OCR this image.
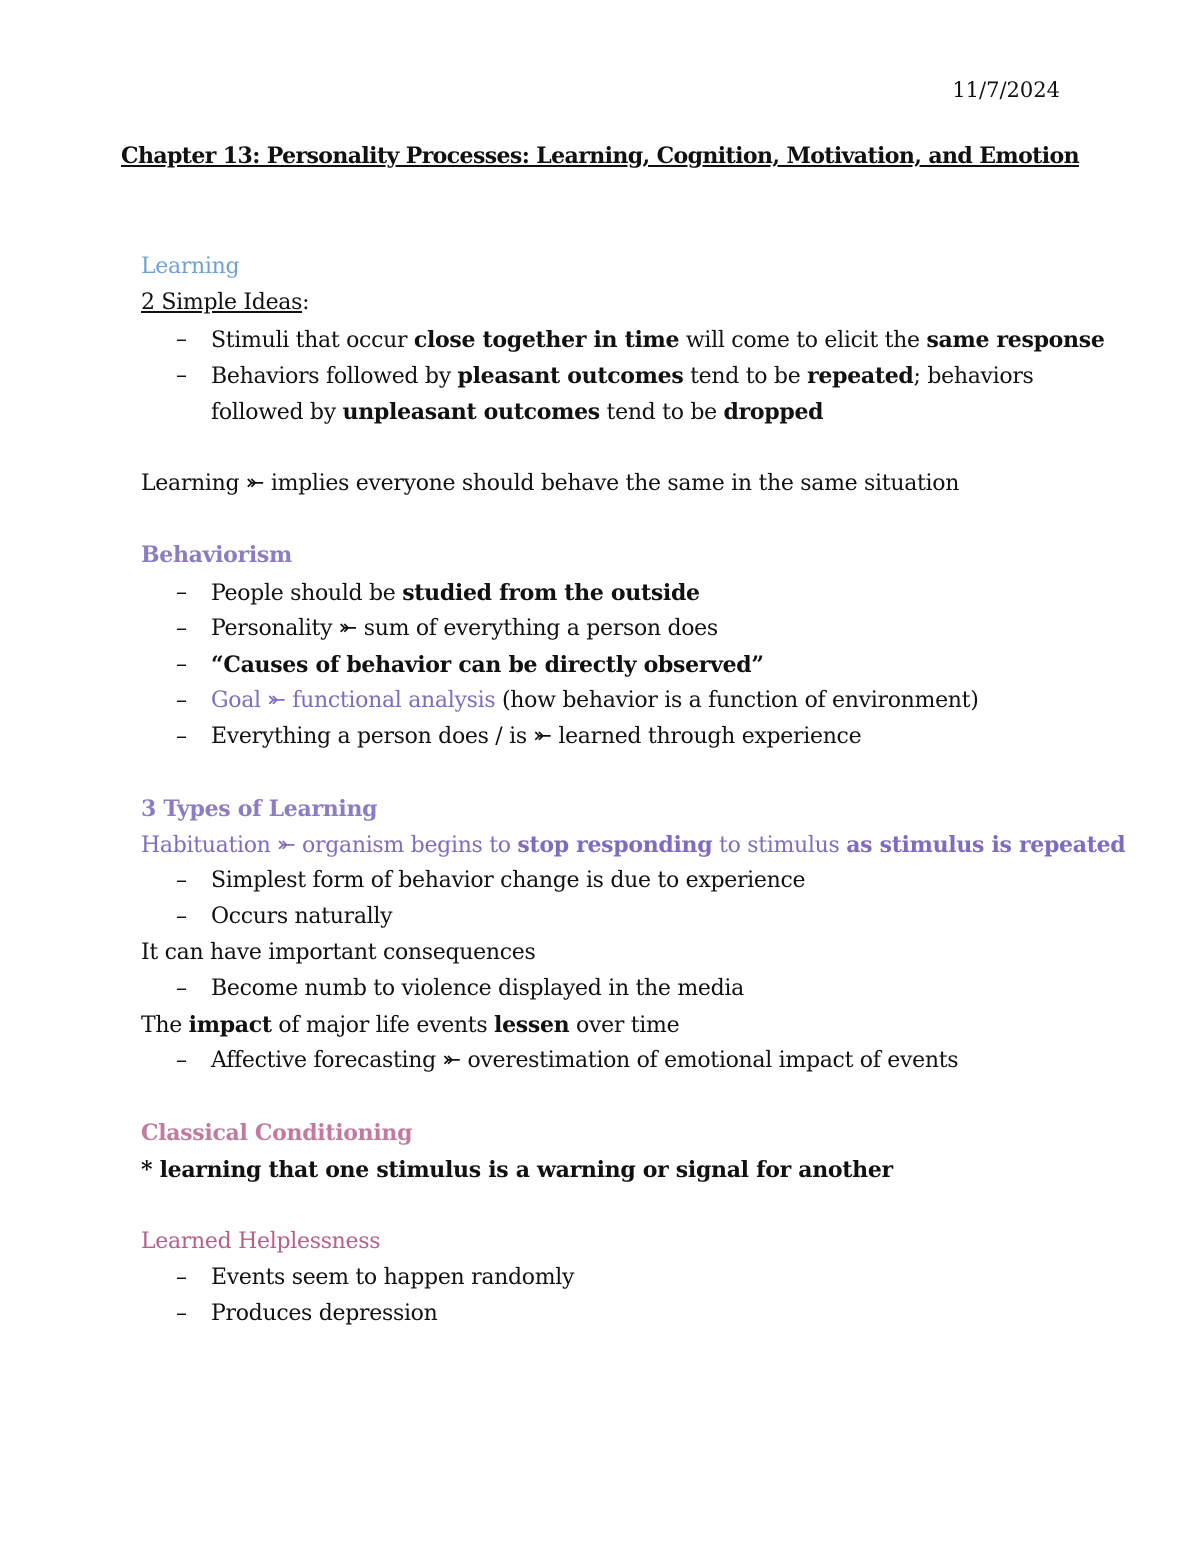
11/7/2024
Chapter 13: Personality Processes: Learning, Cognition, Motivation, and Emotion
Learning
2 Simple Ideas:
– Stimuli that occur close together in time will come to elicit the same response
– Behaviors followed by pleasant outcomes tend to be repeated; behaviors
followed by unpleasant outcomes tend to be dropped
Learning ⤜ implies everyone should behave the same in the same situation
Behaviorism
– People should be studied from the outside
– Personality ⤜ sum of everything a person does
– “Causes of behavior can be directly observed”
– Goal ⤜ functional analysis (how behavior is a function of environment)
– Everything a person does / is ⤜ learned through experience
3 Types of Learning
Habituation ⤜ organism begins to stop responding to stimulus as stimulus is repeated
– Simplest form of behavior change is due to experience
– Occurs naturally
It can have important consequences
– Become numb to violence displayed in the media
The impact of major life events lessen over time
– Affective forecasting ⤜ overestimation of emotional impact of events
Classical Conditioning
* learning that one stimulus is a warning or signal for another
Learned Helplessness
– Events seem to happen randomly
– Produces depression
